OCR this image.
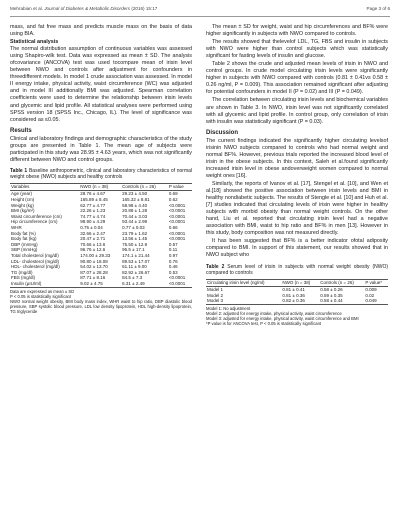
Mehrabian et al. Journal of Diabetes & Metabolic Disorders (2016) 15:17	Page 3 of 6

mass, and fat free mass and predicts muscle mass on the basis of data using BIA.

Statistical analysis

The normal distribution assumption of continuous variables was assessed using Shapiro-wilk test. Data was expressed as mean ± SD. The analysis ofcovariance (ANCOVA) test was used tocompare mean of irisin level between NWO and controls after adjustment for confounders in threedifferent models. In model 1 crude association was assessed. In model II energy intake, physical activity, waist circumference (WC) was adjusted and in model III additionally BMI was adjusted. Spearman correlation coefficients were used to determine the relationship between irisin levels and glycemic and lipid profile. All statistical analyses were performed using SPSS version 18 (SPSS Inc., Chicago, IL). The level of significance was considered as ≤0.05.

Results

Clinical and laboratory findings and demographic characteristics of the study groups are presented in Table 1. The mean age of subjects were participated in this study was 28.95 ± 4.63 years, which was not significantly different between NWO and control groups.

Table 1 Baseline anthropometric, clinical and laboratory characteristics of normal weight obese (NWO) subjects and healthy controls
Variables	NWO (n = 38)	Controls (n = 26)	P value
Age (year)	28.76 ± 4.67	29.23 ± 4.50	0.69
Height (cm)	165.89 ± 8.45	165.32 ± 8.81	0.62
Weight (kg)	62.77 ± 4.77	58.98 ± 4.40	<0.0001
BMI (kg/m²)	22.26 ± 1.23	20.88 ± 1.28	<0.0001
Waist circumference (cm)	74.77 ± 4.74	70.44 ± 3.03	<0.0001
Hip circumference (cm)	98.90 ± 4.29	93.44 ± 2.99	<0.0001
WHR	0.75 ± 0.04	0.77 ± 0.03	0.66
Body fat (%)	32.66 ± 2.47	23.79 ± 1.62	<0.0001
Body fat (kg)	20.47 ± 2.71	13.56 ± 1.45	<0.0001
DBP (mmHg)	70.66 ± 13.6	75.50 ± 12.9	0.57
SBP (mmHg)	96.76 ± 12.6	95.5 ± 17.1	0.11
Total cholesterol (mg/dl)	174.00 ± 29.33	174.1 ± 21.44	0.97
LDL- cholesterol (mg/dl)	90.80 ± 18.08	89.53 ± 17.07	0.76
HDL- cholesterol (mg/dl)	54.02 ± 13.70	61.11 ± 9.00	0.46
TG (mg/dl)	87.07 ± 28.28	82.92 ± 26.67	0.53
FBS (mg/dl)	87.71 ± 8.16	84.5 ± 7.3	<0.0001
Insulin (µIU/ml)	9.02 ± 4.75	6.31 ± 2.49	<0.0001
Data are expressed as mean ± SD
P < 0.05 is statistically significant
NWO normal weight obesity, BMI body mass index, WHR waist to hip ratio, DBP diastolic blood pressure, SBP systolic blood pressure, LDL low density lipoprotein, HDL high-density lipoprotein, TG triglyceride

The mean ± SD for weight, waist and hip circumferences and BF% were higher significantly in subjects with NWO compared to controls.

The results showed that thelevelof LDL, TG, FBS and insulin in subjects with NWO were higher than control subjects which was statistically significant for fasting levels of insulin and glucose.

Table 2 shows the crude and adjusted mean levels of irisin in NWO and control groups. In crude model circulating irisin levels were significantly higher in subjects with NWO compared with controls (0.81 ± 0.41vs 0.58 ± 0.26 ng/ml, P = 0.009). This association remained significant after adjusting for potential confounders in model II (P = 0.02) and III (P = 0.049).

The correlation between circulating irisin levels and biochemical variables are shown in Table 3. In NWO, irisin level was not significantly correlated with all glycemic and lipid profile. In control group, only correlation of irisin with insulin was statistically significant (P = 0.03).

Discussion

The current findings indicated the significantly higher circulating levelsof irisinin NWO subjects compared to controls who had normal weight and normal BF%. However, previous trials reported the increased blood level of irisin in the obese subjects. In this context, Saleh et al.found significantly increased irisin level in obese andoverweight women compared to normal weight ones [16].

Similarly, the reports of Ivanov et al. [17], Stengel et al. [10], and Wen et al.[18] showed the positive association between irisin levels and BMI in healthy nondiabetic subjects. The results of Stengle et al. [10] and Huh et al. [7] studies indicated that circulating levels of irisin were higher in healthy subjects with morbid obesity than normal weight controls. On the other hand, Liu et al. reported that circulating irisin level had a negative association with BMI, waist to hip ratio and BF% in men [13]. However in this study, body composition was not measured directly.

It has been suggested that BF% is a better indicator ofotal adiposity compared to BMI. In support of this statement, our results showed that in NWO subject who

Table 2 Serum level of irisin in subjects with normal weight obesity (NWO) compared to controls
Circulating irisin level (ng/ml)	NWO (n = 38)	Controls (n = 26)	P value*
Model 1	0.81 ± 0.41	0.58 ± 0.26	0.009
Model 2	0.81 ± 0.36	0.59 ± 0.35	0.02
Model 3	0.82 ± 0.36	0.58 ± 0.44	0.049
Model 1: No adjustment
Model 2: adjusted for energy intake, physical activity, waist circumference
Model 3: adjusted for energy intake, physical activity, waist circumference and BMI
*P value is for ANCOVA test, P < 0.05 is statistically significant
